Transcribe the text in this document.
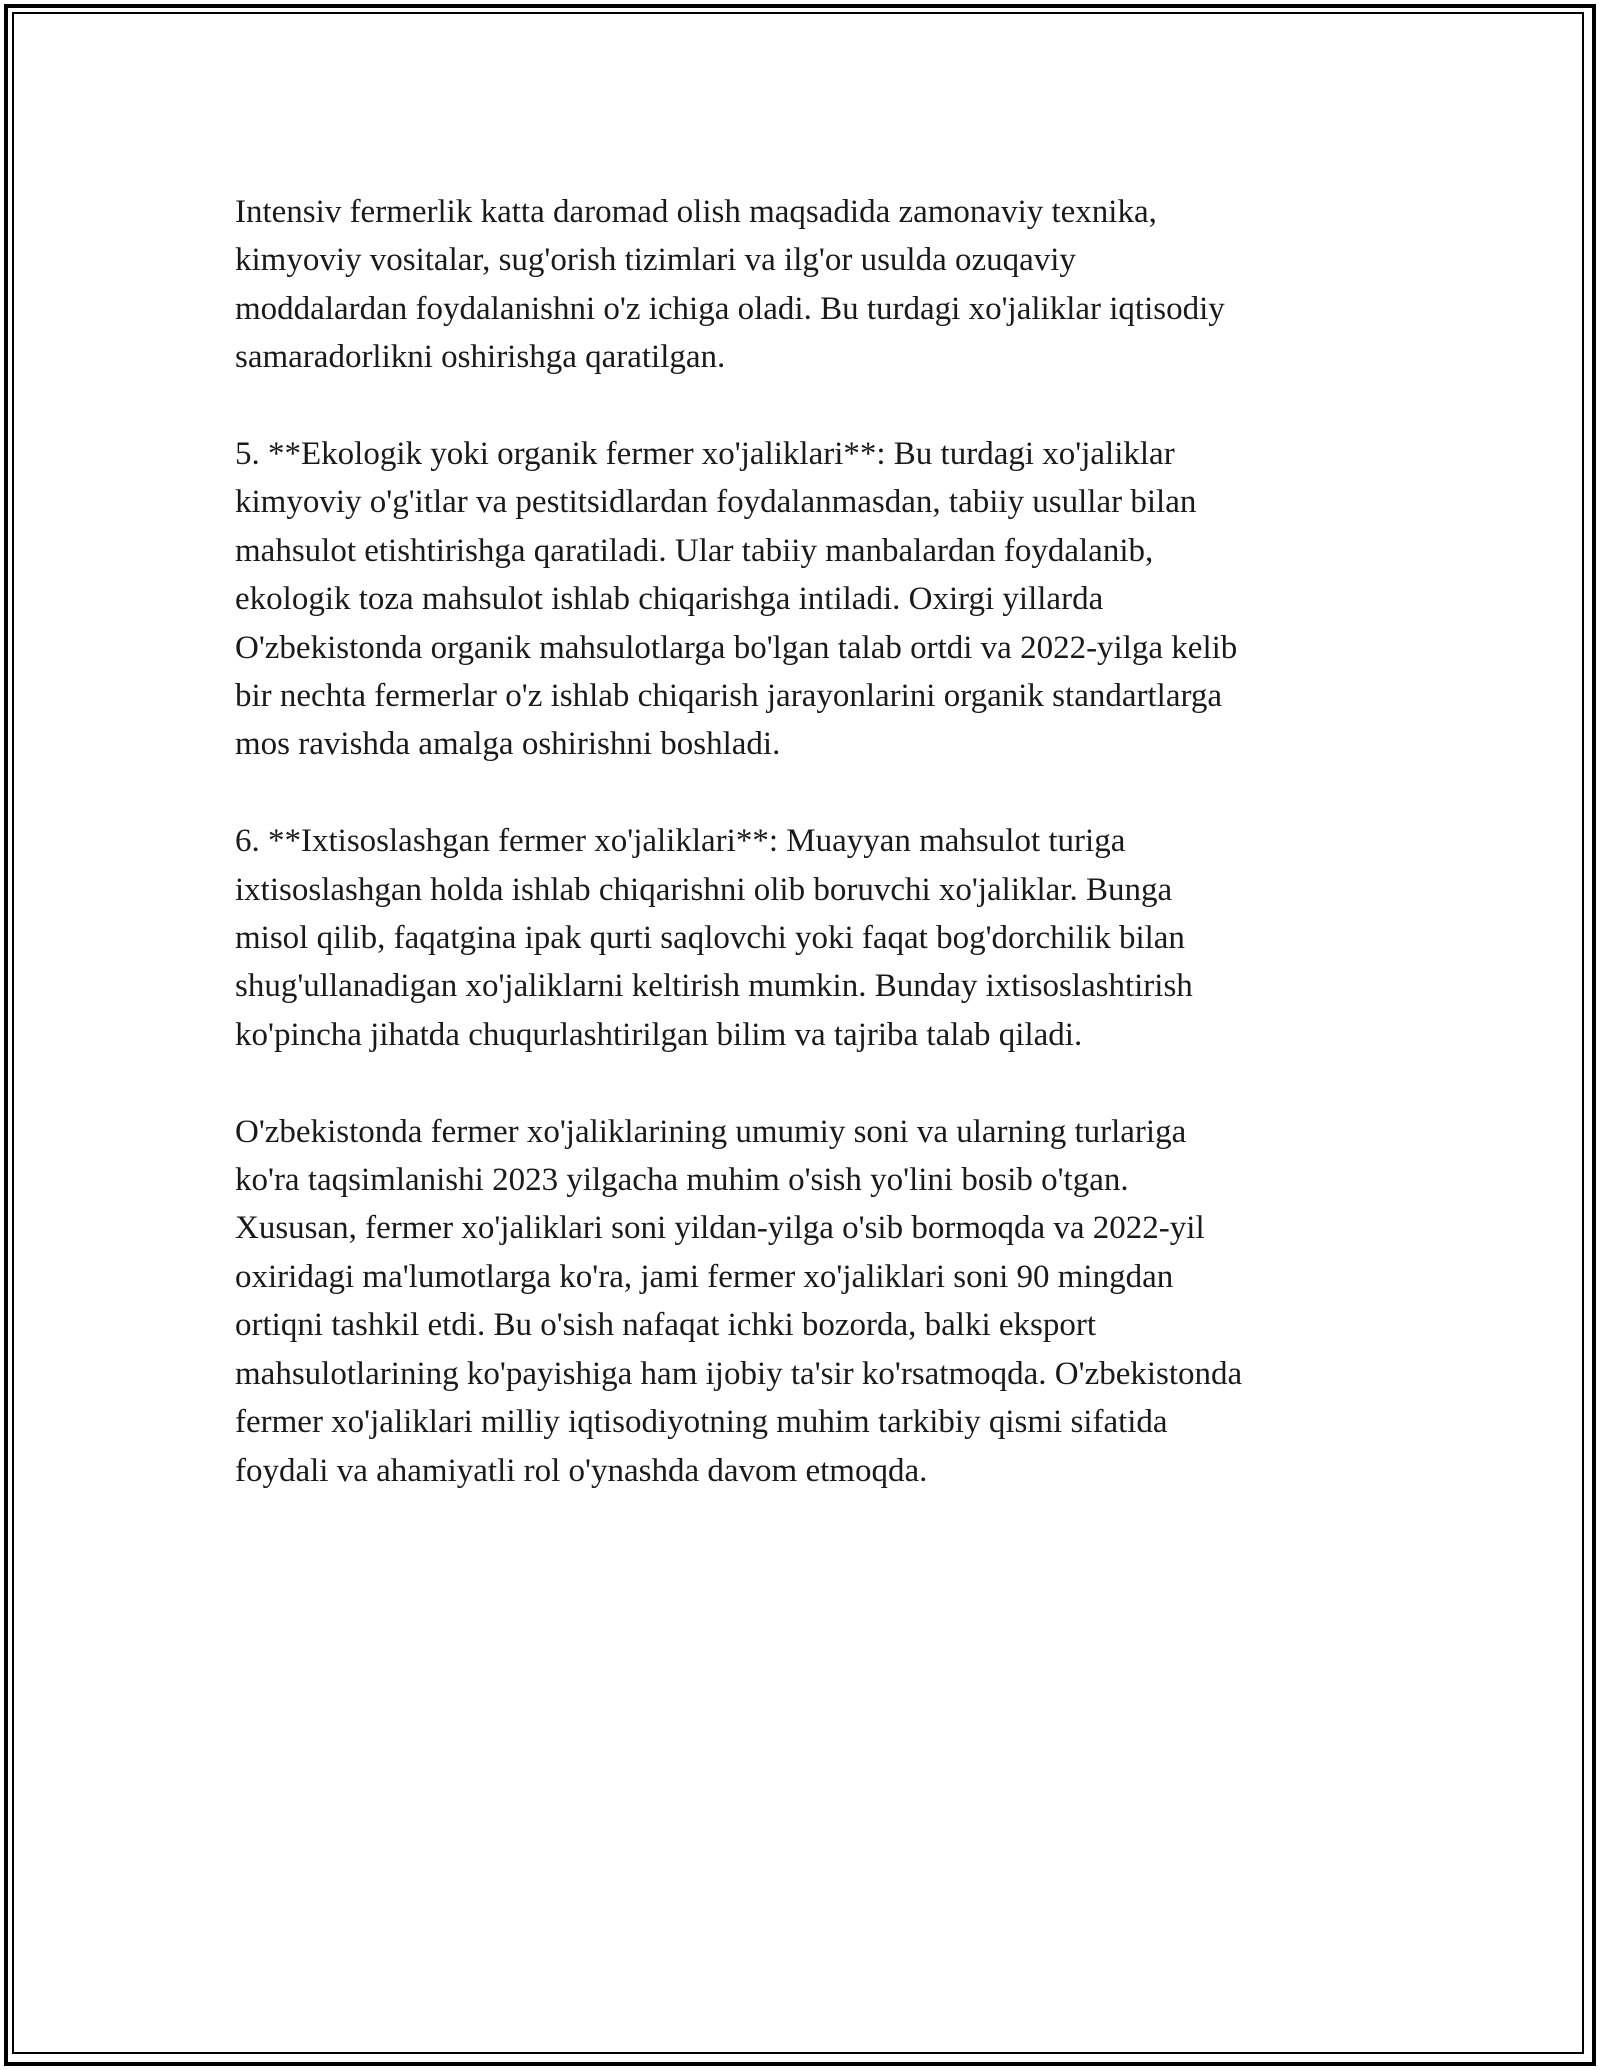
Intensiv fermerlik katta daromad olish maqsadida zamonaviy texnika,
kimyoviy vositalar, sug'orish tizimlari va ilg'or usulda ozuqaviy
moddalardan foydalanishni o'z ichiga oladi. Bu turdagi xo'jaliklar iqtisodiy
samaradorlikni oshirishga qaratilgan.

5. **Ekologik yoki organik fermer xo'jaliklari**: Bu turdagi xo'jaliklar
kimyoviy o'g'itlar va pestitsidlardan foydalanmasdan, tabiiy usullar bilan
mahsulot etishtirishga qaratiladi. Ular tabiiy manbalardan foydalanib,
ekologik toza mahsulot ishlab chiqarishga intiladi. Oxirgi yillarda
O'zbekistonda organik mahsulotlarga bo'lgan talab ortdi va 2022-yilga kelib
bir nechta fermerlar o'z ishlab chiqarish jarayonlarini organik standartlarga
mos ravishda amalga oshirishni boshladi.

6. **Ixtisoslashgan fermer xo'jaliklari**: Muayyan mahsulot turiga
ixtisoslashgan holda ishlab chiqarishni olib boruvchi xo'jaliklar. Bunga
misol qilib, faqatgina ipak qurti saqlovchi yoki faqat bog'dorchilik bilan
shug'ullanadigan xo'jaliklarni keltirish mumkin. Bunday ixtisoslashtirish
ko'pincha jihatda chuqurlashtirilgan bilim va tajriba talab qiladi.

O'zbekistonda fermer xo'jaliklarining umumiy soni va ularning turlariga
ko'ra taqsimlanishi 2023 yilgacha muhim o'sish yo'lini bosib o'tgan.
Xususan, fermer xo'jaliklari soni yildan-yilga o'sib bormoqda va 2022-yil
oxiridagi ma'lumotlarga ko'ra, jami fermer xo'jaliklari soni 90 mingdan
ortiqni tashkil etdi. Bu o'sish nafaqat ichki bozorda, balki eksport
mahsulotlarining ko'payishiga ham ijobiy ta'sir ko'rsatmoqda. O'zbekistonda
fermer xo'jaliklari milliy iqtisodiyotning muhim tarkibiy qismi sifatida
foydali va ahamiyatli rol o'ynashda davom etmoqda.
